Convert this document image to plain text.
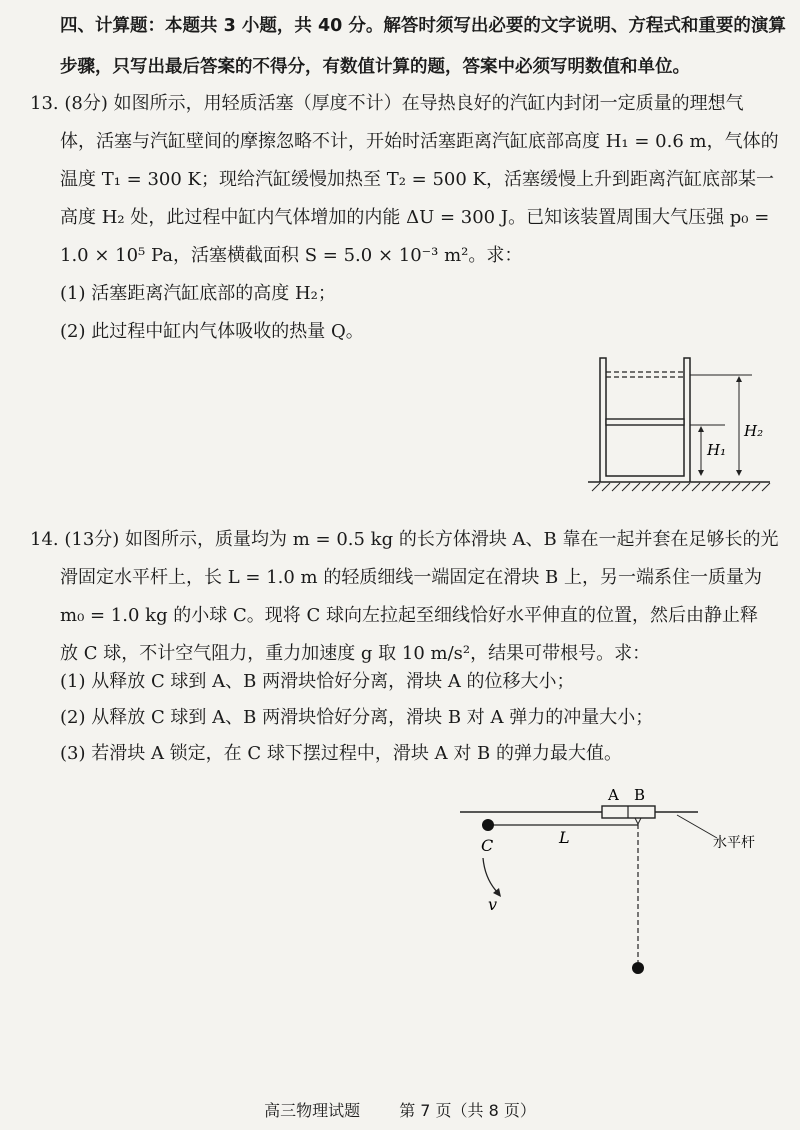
四、计算题：本题共 3 小题，共 40 分。解答时须写出必要的文字说明、方程式和重要的演算
步骤，只写出最后答案的不得分，有数值计算的题，答案中必须写明数值和单位。
13. (8分) 如图所示，用轻质活塞（厚度不计）在导热良好的汽缸内封闭一定质量的理想气
体，活塞与汽缸壁间的摩擦忽略不计，开始时活塞距离汽缸底部高度 H₁ = 0.6 m，气体的
温度 T₁ = 300 K；现给汽缸缓慢加热至 T₂ = 500 K，活塞缓慢上升到距离汽缸底部某一
高度 H₂ 处，此过程中缸内气体增加的内能 ΔU = 300 J。已知该装置周围大气压强 p₀ =
1.0 × 10⁵ Pa，活塞横截面积 S = 5.0 × 10⁻³ m²。求：
(1) 活塞距离汽缸底部的高度 H₂；
(2) 此过程中缸内气体吸收的热量 Q。
H₁
H₂
14. (13分) 如图所示，质量均为 m = 0.5 kg 的长方体滑块 A、B 靠在一起并套在足够长的光
滑固定水平杆上，长 L = 1.0 m 的轻质细线一端固定在滑块 B 上，另一端系住一质量为
m₀ = 1.0 kg 的小球 C。现将 C 球向左拉起至细线恰好水平伸直的位置，然后由静止释
放 C 球，不计空气阻力，重力加速度 g 取 10 m/s²，结果可带根号。求：
(1) 从释放 C 球到 A、B 两滑块恰好分离，滑块 A 的位移大小；
(2) 从释放 C 球到 A、B 两滑块恰好分离，滑块 B 对 A 弹力的冲量大小；
(3) 若滑块 A 锁定，在 C 球下摆过程中，滑块 A 对 B 的弹力最大值。
A B
L
C
v
水平杆
高三物理试题 第 7 页（共 8 页）
